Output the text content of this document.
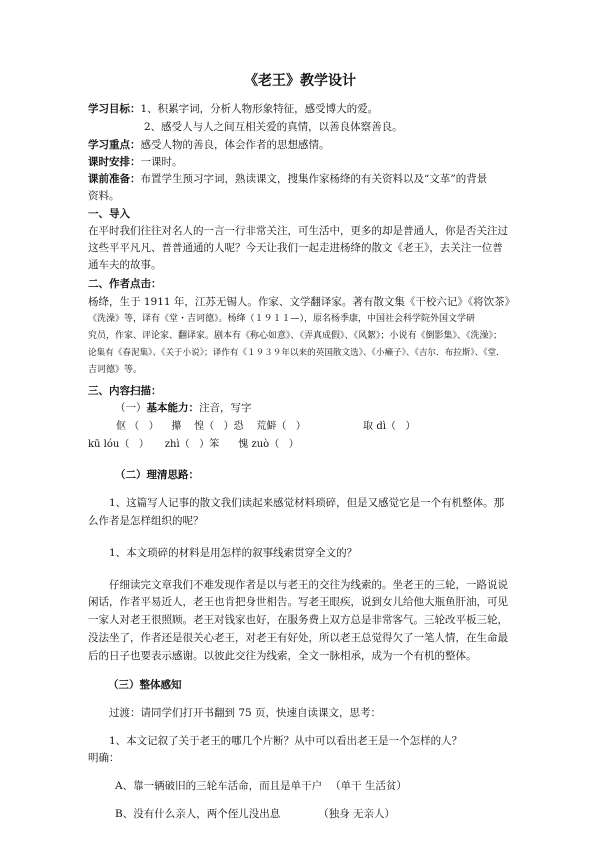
《老王》教学设计

学习目标：1、积累字词，分析人物形象特征，感受博大的爱。

2、感受人与人之间互相关爱的真情，以善良体察善良。

学习重点：感受人物的善良，体会作者的思想感情。

课时安排：一课时。

课前准备：布置学生预习字词，熟读课文，搜集作家杨绛的有关资料以及“文革”的背景

资料。

一、导入

在平时我们往往对名人的一言一行非常关注，可生活中，更多的却是普通人，你是否关注过

这些平平凡凡、普普通通的人呢？今天让我们一起走进杨绛的散文《老王》，去关注一位普

通车夫的故事。

二、作者点击：

杨绛，生于 1911 年，江苏无锡人。作家、文学翻译家。著有散文集《干校六记》《将饮茶》

《洗澡》等，译有《堂・吉诃德》。杨绛（１９１１—），原名杨季康，中国社会科学院外国文学研

究员，作家、评论家、翻译家。剧本有《称心如意》、《弄真成假》、《风絮》；小说有《倒影集》、《洗澡》；

论集有《春泥集》、《关于小说》；译作有《１９３９年以来的英国散文选》、《小癞子》、《吉尔．布拉斯》、《堂．

吉诃德》等。

三、内容扫描：

（一）基本能力：注音，写字

伛 （   ）    攥    惶（   ）恐    荒僻（   ）                  取 dì（   ）

kū lóu（   ）     zhì（   ）笨      愧 zuò（   ）

（二）理清思路：

1、这篇写人记事的散文我们读起来感觉材料琐碎，但是又感觉它是一个有机整体。那

么作者是怎样组织的呢？

1、本文琐碎的材料是用怎样的叙事线索贯穿全文的？

仔细读完文章我们不难发现作者是以与老王的交往为线索的。坐老王的三轮，一路说说

闲话，作者平易近人，老王也肯把身世相告。写老王眼疾，说到女儿给他大瓶鱼肝油，可见

一家人对老王很照顾。老王对钱家也好，在服务费上双方总是非常客气。三轮改平板三轮，

没法坐了，作者还是很关心老王，对老王有好处，所以老王总觉得欠了一笔人情，在生命最

后的日子也要表示感谢。以彼此交往为线索，全文一脉相承，成为一个有机的整体。

（三）整体感知

过渡：请同学们打开书翻到 75 页，快速自读课文，思考：

1、本文记叙了关于老王的哪几个片断？从中可以看出老王是一个怎样的人？

明确：

A、靠一辆破旧的三轮车活命，而且是单干户 （单干 生活贫）

B、没有什么亲人，两个侄儿没出息	（独身 无亲人）
